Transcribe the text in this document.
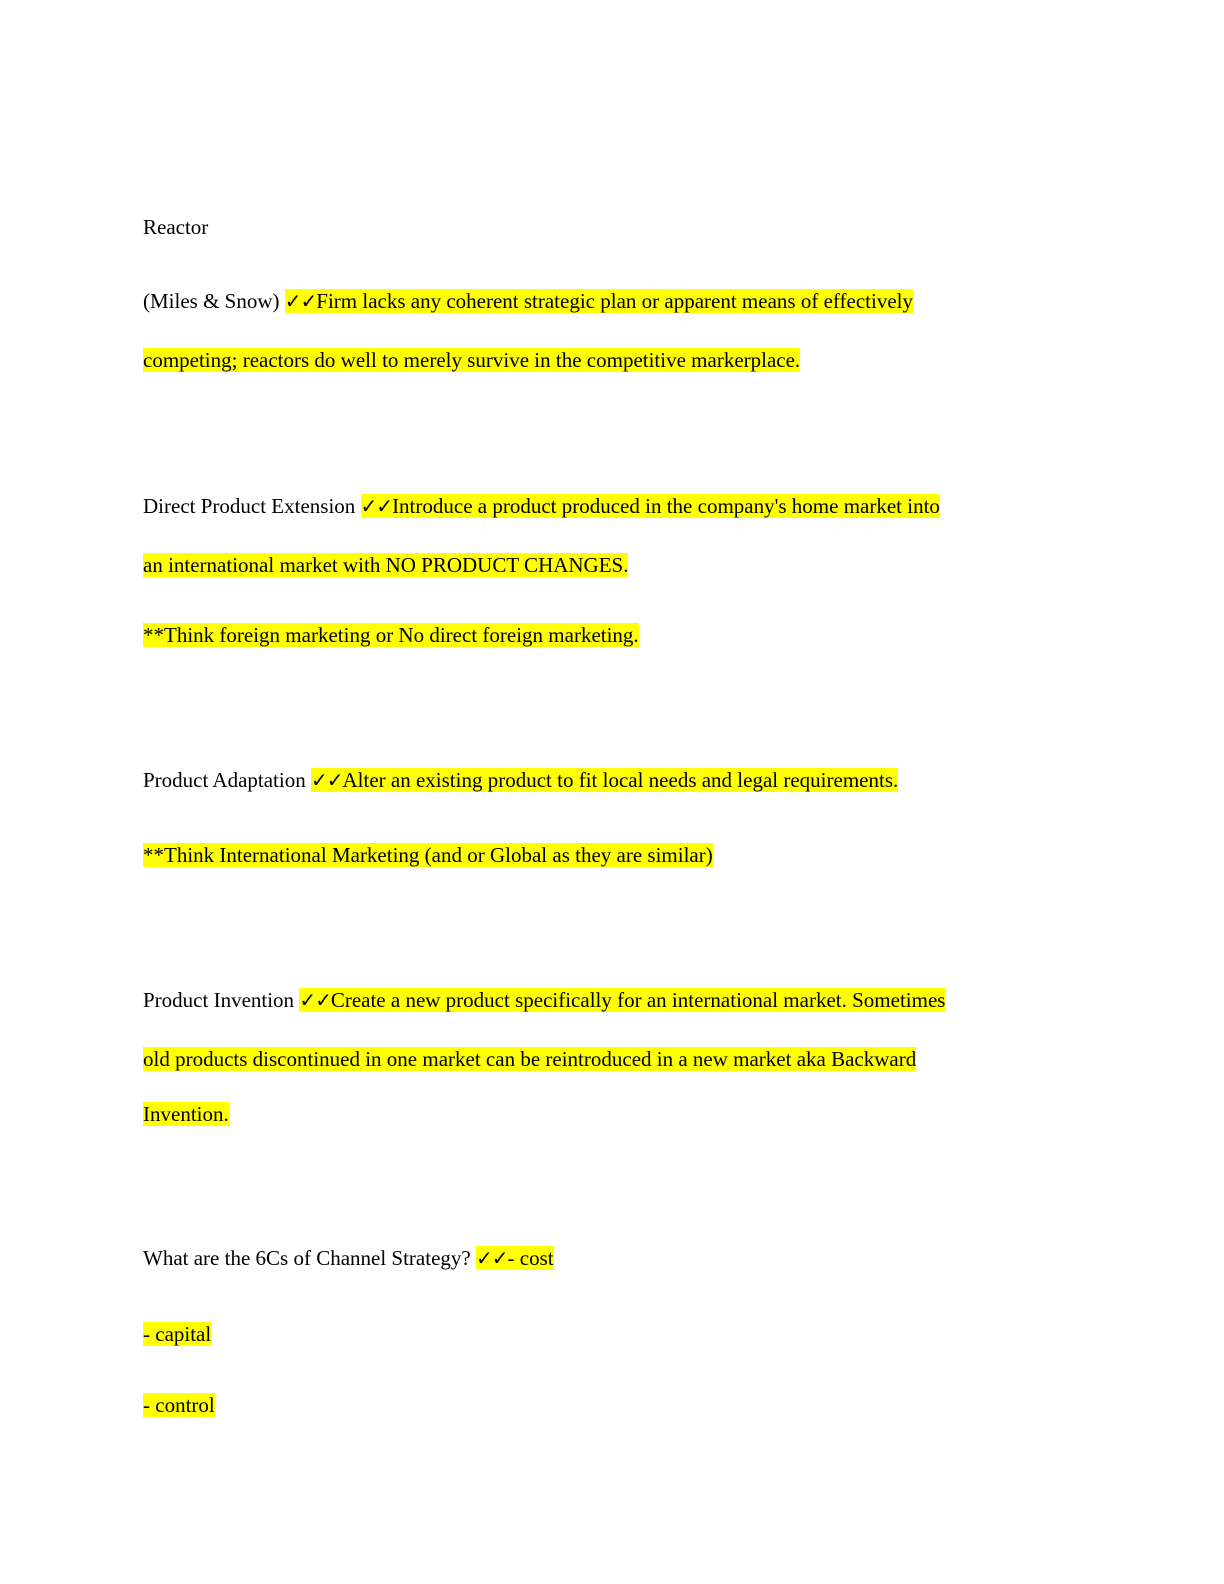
Reactor
(Miles & Snow) ✓✓Firm lacks any coherent strategic plan or apparent means of effectively
competing; reactors do well to merely survive in the competitive markerplace.
Direct Product Extension ✓✓Introduce a product produced in the company's home market into
an international market with NO PRODUCT CHANGES.
**Think foreign marketing or No direct foreign marketing.
Product Adaptation ✓✓Alter an existing product to fit local needs and legal requirements.
**Think International Marketing (and or Global as they are similar)
Product Invention ✓✓Create a new product specifically for an international market. Sometimes
old products discontinued in one market can be reintroduced in a new market aka Backward
Invention.
What are the 6Cs of Channel Strategy? ✓✓- cost
- capital
- control
